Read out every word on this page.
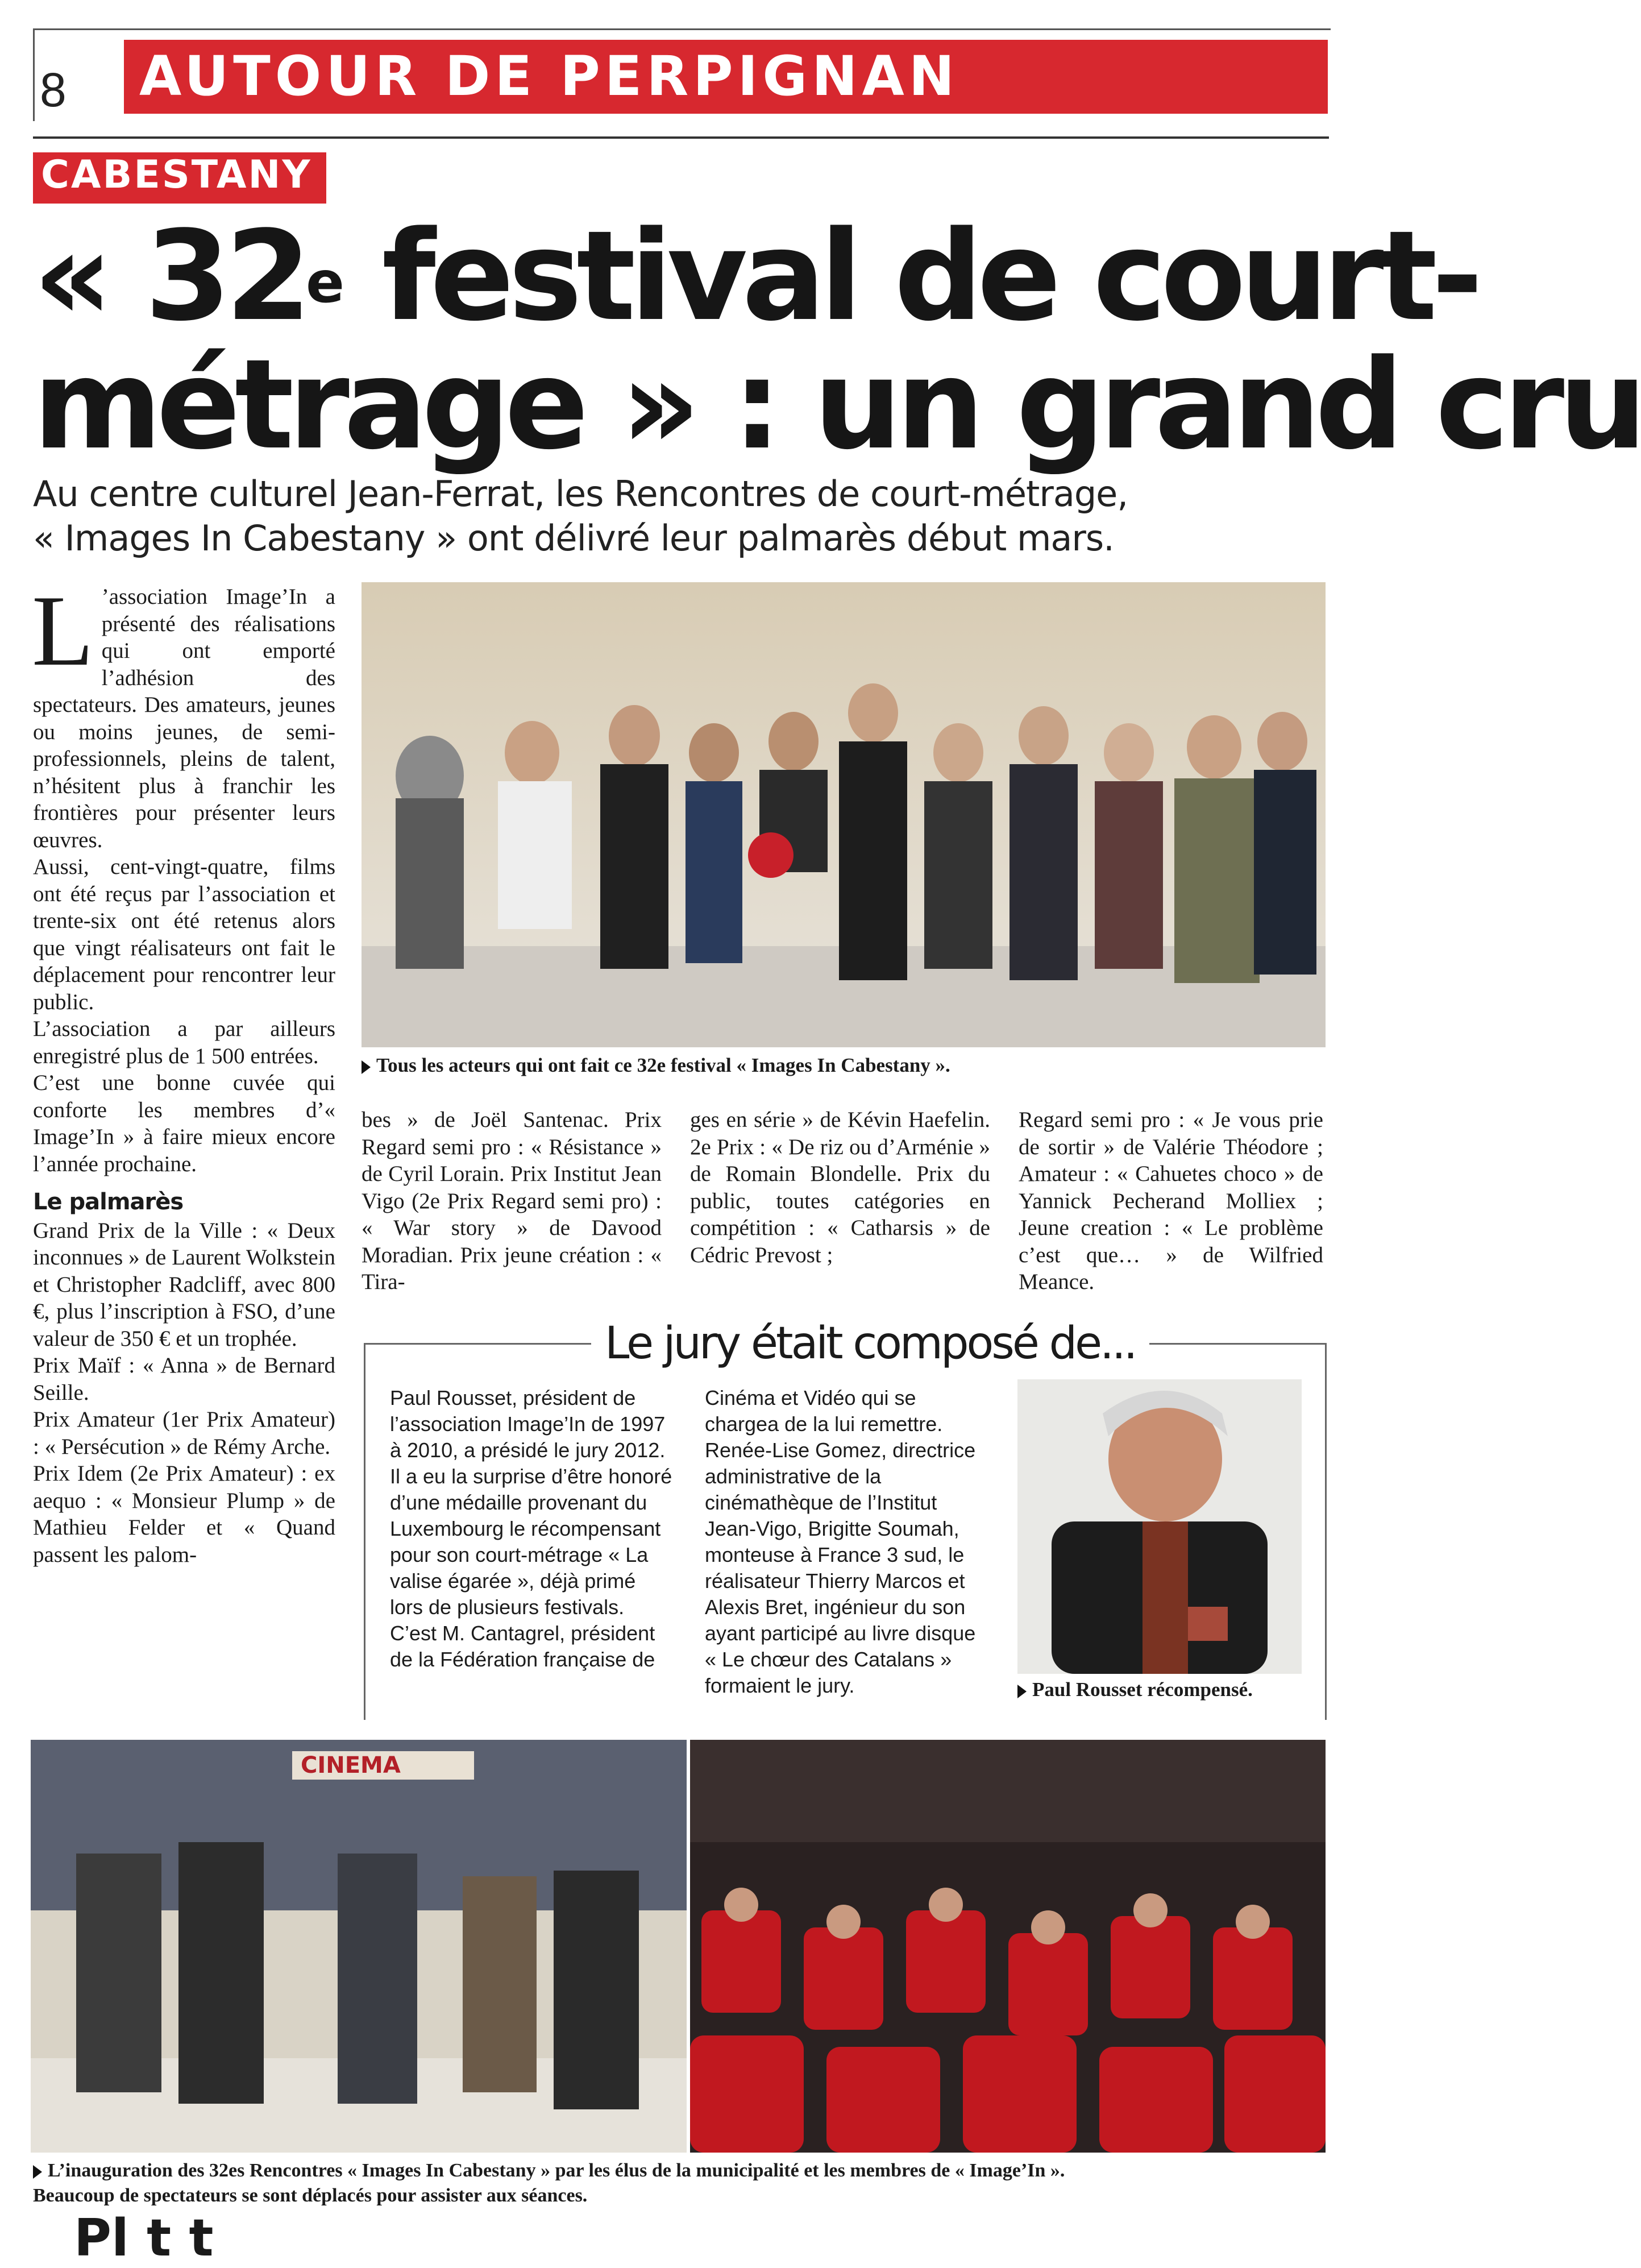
8 AUTOUR DE PERPIGNAN
CABESTANY
« 32e festival de court-
métrage » : un grand cru
Au centre culturel Jean-Ferrat, les Rencontres de court-métrage,
« Images In Cabestany » ont délivré leur palmarès début mars.
L ’association Image’In a présenté des réalisations qui ont emporté l’adhésion des spectateurs. Des amateurs, jeunes ou moins jeunes, de semi-professionnels, pleins de talent, n’hésitent plus à franchir les frontières pour présenter leurs œuvres.

Aussi, cent-vingt-quatre, films ont été reçus par l’association et trente-six ont été retenus alors que vingt réalisateurs ont fait le déplacement pour rencontrer leur public.

L’association a par ailleurs enregistré plus de 1 500 entrées.

C’est une bonne cuvée qui conforte les membres d’« Image’In » à faire mieux encore l’année prochaine.

Le palmarès

Grand Prix de la Ville : « Deux inconnues » de Laurent Wolkstein et Christopher Radcliff, avec 800 €, plus l’inscription à FSO, d’une valeur de 350 € et un trophée.

Prix Maïf : « Anna » de Bernard Seille.

Prix Amateur (1er Prix Amateur) : « Persécution » de Rémy Arche.

Prix Idem (2e Prix Amateur) : ex aequo : « Monsieur Plump » de Mathieu Felder et « Quand passent les palom-

Tous les acteurs qui ont fait ce 32e festival « Images In Cabestany ».
bes » de Joël Santenac. Prix Regard semi pro : « Résistance » de Cyril Lorain. Prix Institut Jean Vigo (2e Prix Regard semi pro) : « War story » de Davood Moradian. Prix jeune création : « Tira-
ges en série » de Kévin Haefelin. 2e Prix : « De riz ou d’Arménie » de Romain Blondelle. Prix du public, toutes catégories en compétition : « Catharsis » de Cédric Prevost ;
Regard semi pro : « Je vous prie de sortir » de Valérie Théodore ; Amateur : « Cahuetes choco » de Yannick Pecherand Molliex ; Jeune creation : « Le problème c’est que… » de Wilfried Meance.
Le jury était composé de...
Paul Rousset, président de l’association Image’In de 1997 à 2010, a présidé le jury 2012. Il a eu la surprise d’être honoré d’une médaille provenant du Luxembourg le récompensant pour son court-métrage « La valise égarée », déjà primé lors de plusieurs festivals. C’est M. Cantagrel, président de la Fédération française de
Cinéma et Vidéo qui se chargea de la lui remettre. Renée-Lise Gomez, directrice administrative de la cinémathèque de l’Institut Jean-Vigo, Brigitte Soumah, monteuse à France 3 sud, le réalisateur Thierry Marcos et Alexis Bret, ingénieur du son ayant participé au livre disque « Le chœur des Catalans » formaient le jury.	Paul Rousset récompensé.
CINEMA
L’inauguration des 32es Rencontres « Images In Cabestany » par les élus de la municipalité et les membres de « Image’In ».
Beaucoup de spectateurs se sont déplacés pour assister aux séances.
Pl t t
